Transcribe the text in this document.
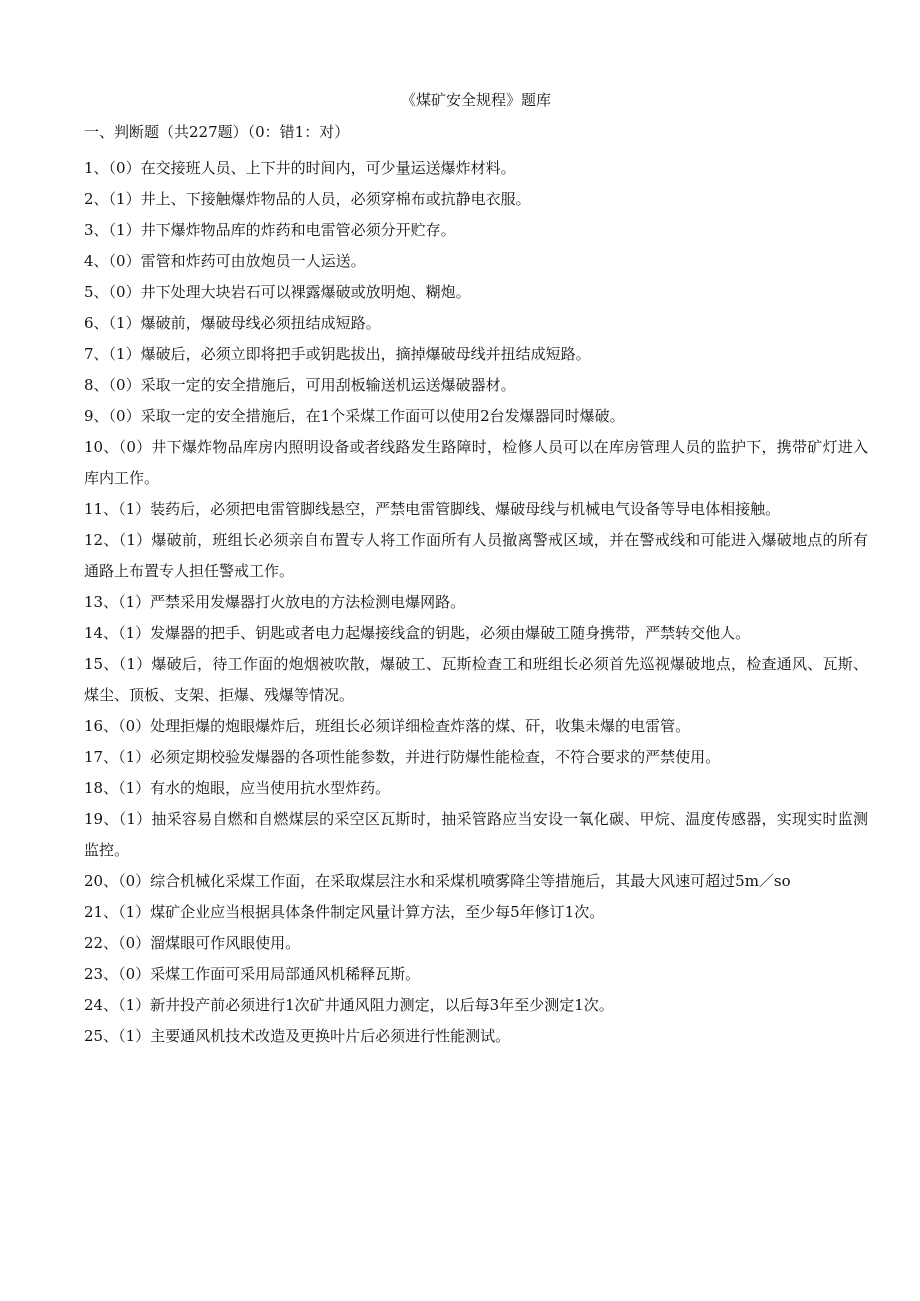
《煤矿安全规程》题库
一、判断题（共227题）（0：错1：对）

1、（0）在交接班人员、上下井的时间内，可少量运送爆炸材料。

2、（1）井上、下接触爆炸物品的人员，必须穿棉布或抗静电衣服。

3、（1）井下爆炸物品库的炸药和电雷管必须分开贮存。

4、（0）雷管和炸药可由放炮员一人运送。

5、（0）井下处理大块岩石可以裸露爆破或放明炮、糊炮。

6、（1）爆破前，爆破母线必须扭结成短路。

7、（1）爆破后，必须立即将把手或钥匙拔出，摘掉爆破母线并扭结成短路。

8、（0）采取一定的安全措施后，可用刮板输送机运送爆破器材。

9、（0）采取一定的安全措施后，在1个采煤工作面可以使用2台发爆器同时爆破。

10、（0）井下爆炸物品库房内照明设备或者线路发生路障时，检修人员可以在库房管理人员的监护下，携带矿灯进入库内工作。

11、（1）装药后，必须把电雷管脚线悬空，严禁电雷管脚线、爆破母线与机械电气设备等导电体相接触。

12、（1）爆破前，班组长必须亲自布置专人将工作面所有人员撤离警戒区域，并在警戒线和可能进入爆破地点的所有通路上布置专人担任警戒工作。

13、（1）严禁采用发爆器打火放电的方法检测电爆网路。

14、（1）发爆器的把手、钥匙或者电力起爆接线盒的钥匙，必须由爆破工随身携带，严禁转交他人。

15、（1）爆破后，待工作面的炮烟被吹散，爆破工、瓦斯检查工和班组长必须首先巡视爆破地点，检查通风、瓦斯、煤尘、顶板、支架、拒爆、残爆等情况。

16、（0）处理拒爆的炮眼爆炸后，班组长必须详细检查炸落的煤、矸，收集未爆的电雷管。

17、（1）必须定期校验发爆器的各项性能参数，并进行防爆性能检查，不符合要求的严禁使用。

18、（1）有水的炮眼，应当使用抗水型炸药。

19、（1）抽采容易自燃和自燃煤层的采空区瓦斯时，抽采管路应当安设一氧化碳、甲烷、温度传感器，实现实时监测监控。

20、（0）综合机械化采煤工作面，在采取煤层注水和采煤机喷雾降尘等措施后，其最大风速可超过5m／so

21、（1）煤矿企业应当根据具体条件制定风量计算方法，至少每5年修订1次。

22、（0）溜煤眼可作风眼使用。

23、（0）采煤工作面可采用局部通风机稀释瓦斯。

24、（1）新井投产前必须进行1次矿井通风阻力测定，以后每3年至少测定1次。

25、（1）主要通风机技术改造及更换叶片后必须进行性能测试。
